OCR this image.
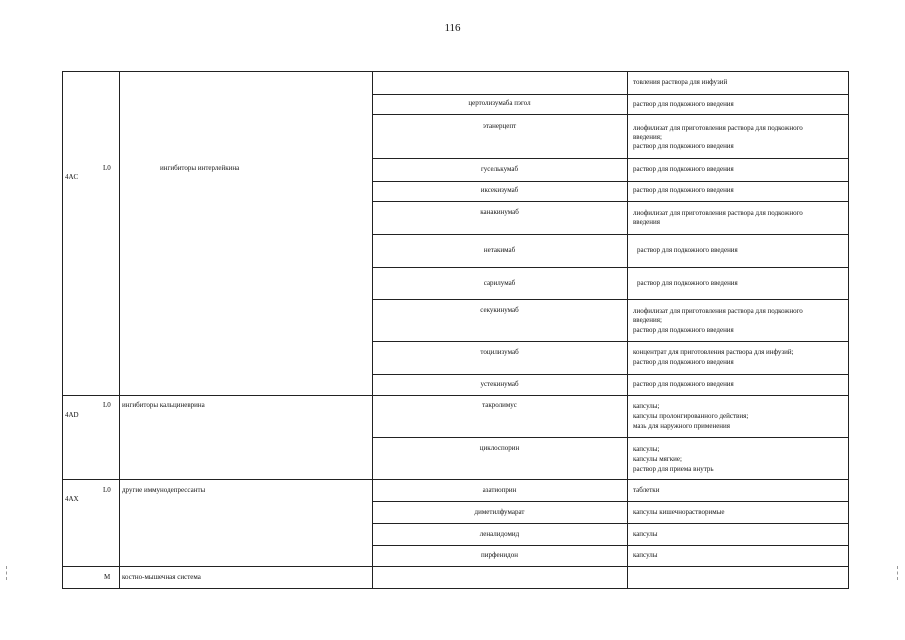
116
4AC
L0	ингибиторы интерлейкина
4AD
L0 ингибиторы кальциневрина
4AX
L0 другие иммунодепрессанты
M костно-мышечная система
цертолизумаба пэгол
этанерцепт
гуселькумаб
иксекизумаб
канакинумаб
нетакимаб
сарилумаб
секукинумаб
тоцилизумаб
устекинумаб
такролимус
циклоспорин
азатиоприн
диметилфумарат
леналидомид
пирфенидон
товления раствора для инфузий
раствор для подкожного введения
лиофилизат для приготовления раствора для подкожного
введения;
раствор для подкожного введения
раствор для подкожного введения
раствор для подкожного введения
лиофилизат для приготовления раствора для подкожного
введения
раствор для подкожного введения
раствор для подкожного введения
лиофилизат для приготовления раствора для подкожного
введения;
раствор для подкожного введения
концентрат для приготовления раствора для инфузий;
раствор для подкожного введения
раствор для подкожного введения
капсулы;
капсулы пролонгированного действия;
мазь для наружного применения
капсулы;
капсулы мягкие;
раствор для приема внутрь
таблетки
капсулы кишечнорастворимые
капсулы
капсулы
